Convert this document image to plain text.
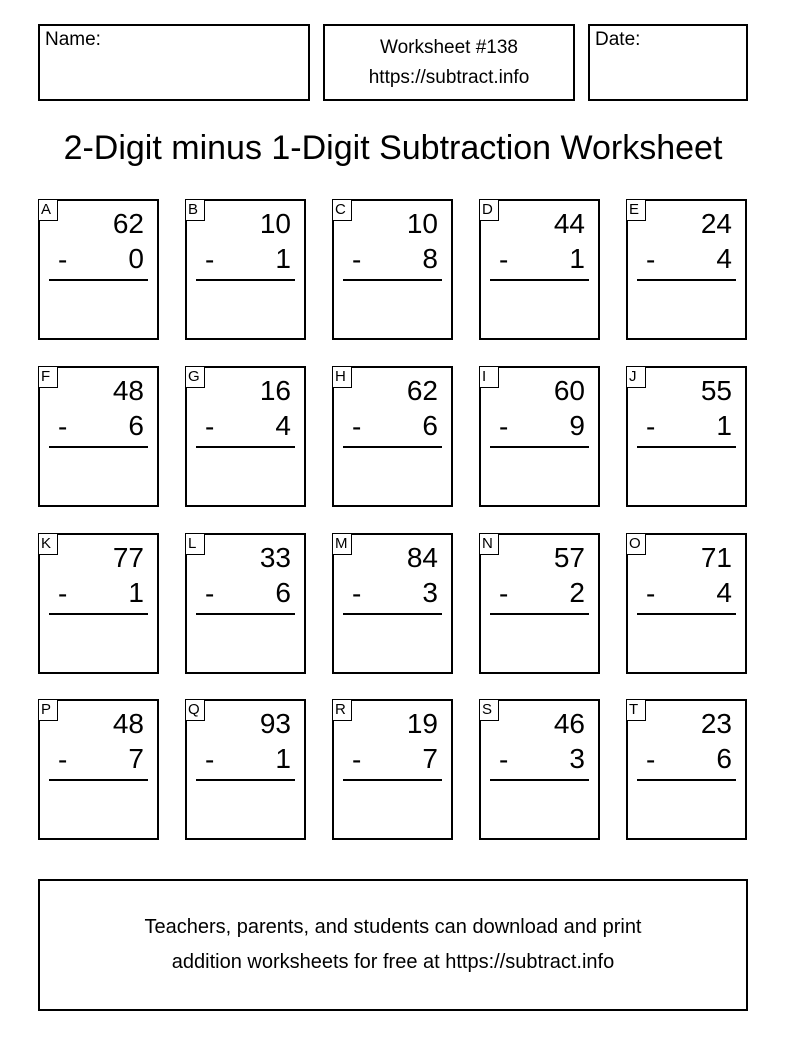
Name:	Worksheet #138
https://subtract.info
Date:
2-Digit minus 1-Digit Subtraction Worksheet
A 62
- 0
B 10
- 1
C 10
- 8
D 44
- 1
E 24
- 4
F 48
- 6
G 16
- 4
H 62
- 6
I	60
- 9
J	55
- 1
K 77
- 1
L	33
- 6
M 84
- 3
N 57
- 2
O 71
- 4
P 48
- 7
Q 93
- 1
R 19
- 7
S 46
- 3
T 23
- 6
Teachers, parents, and students can download and print
addition worksheets for free at https://subtract.info
